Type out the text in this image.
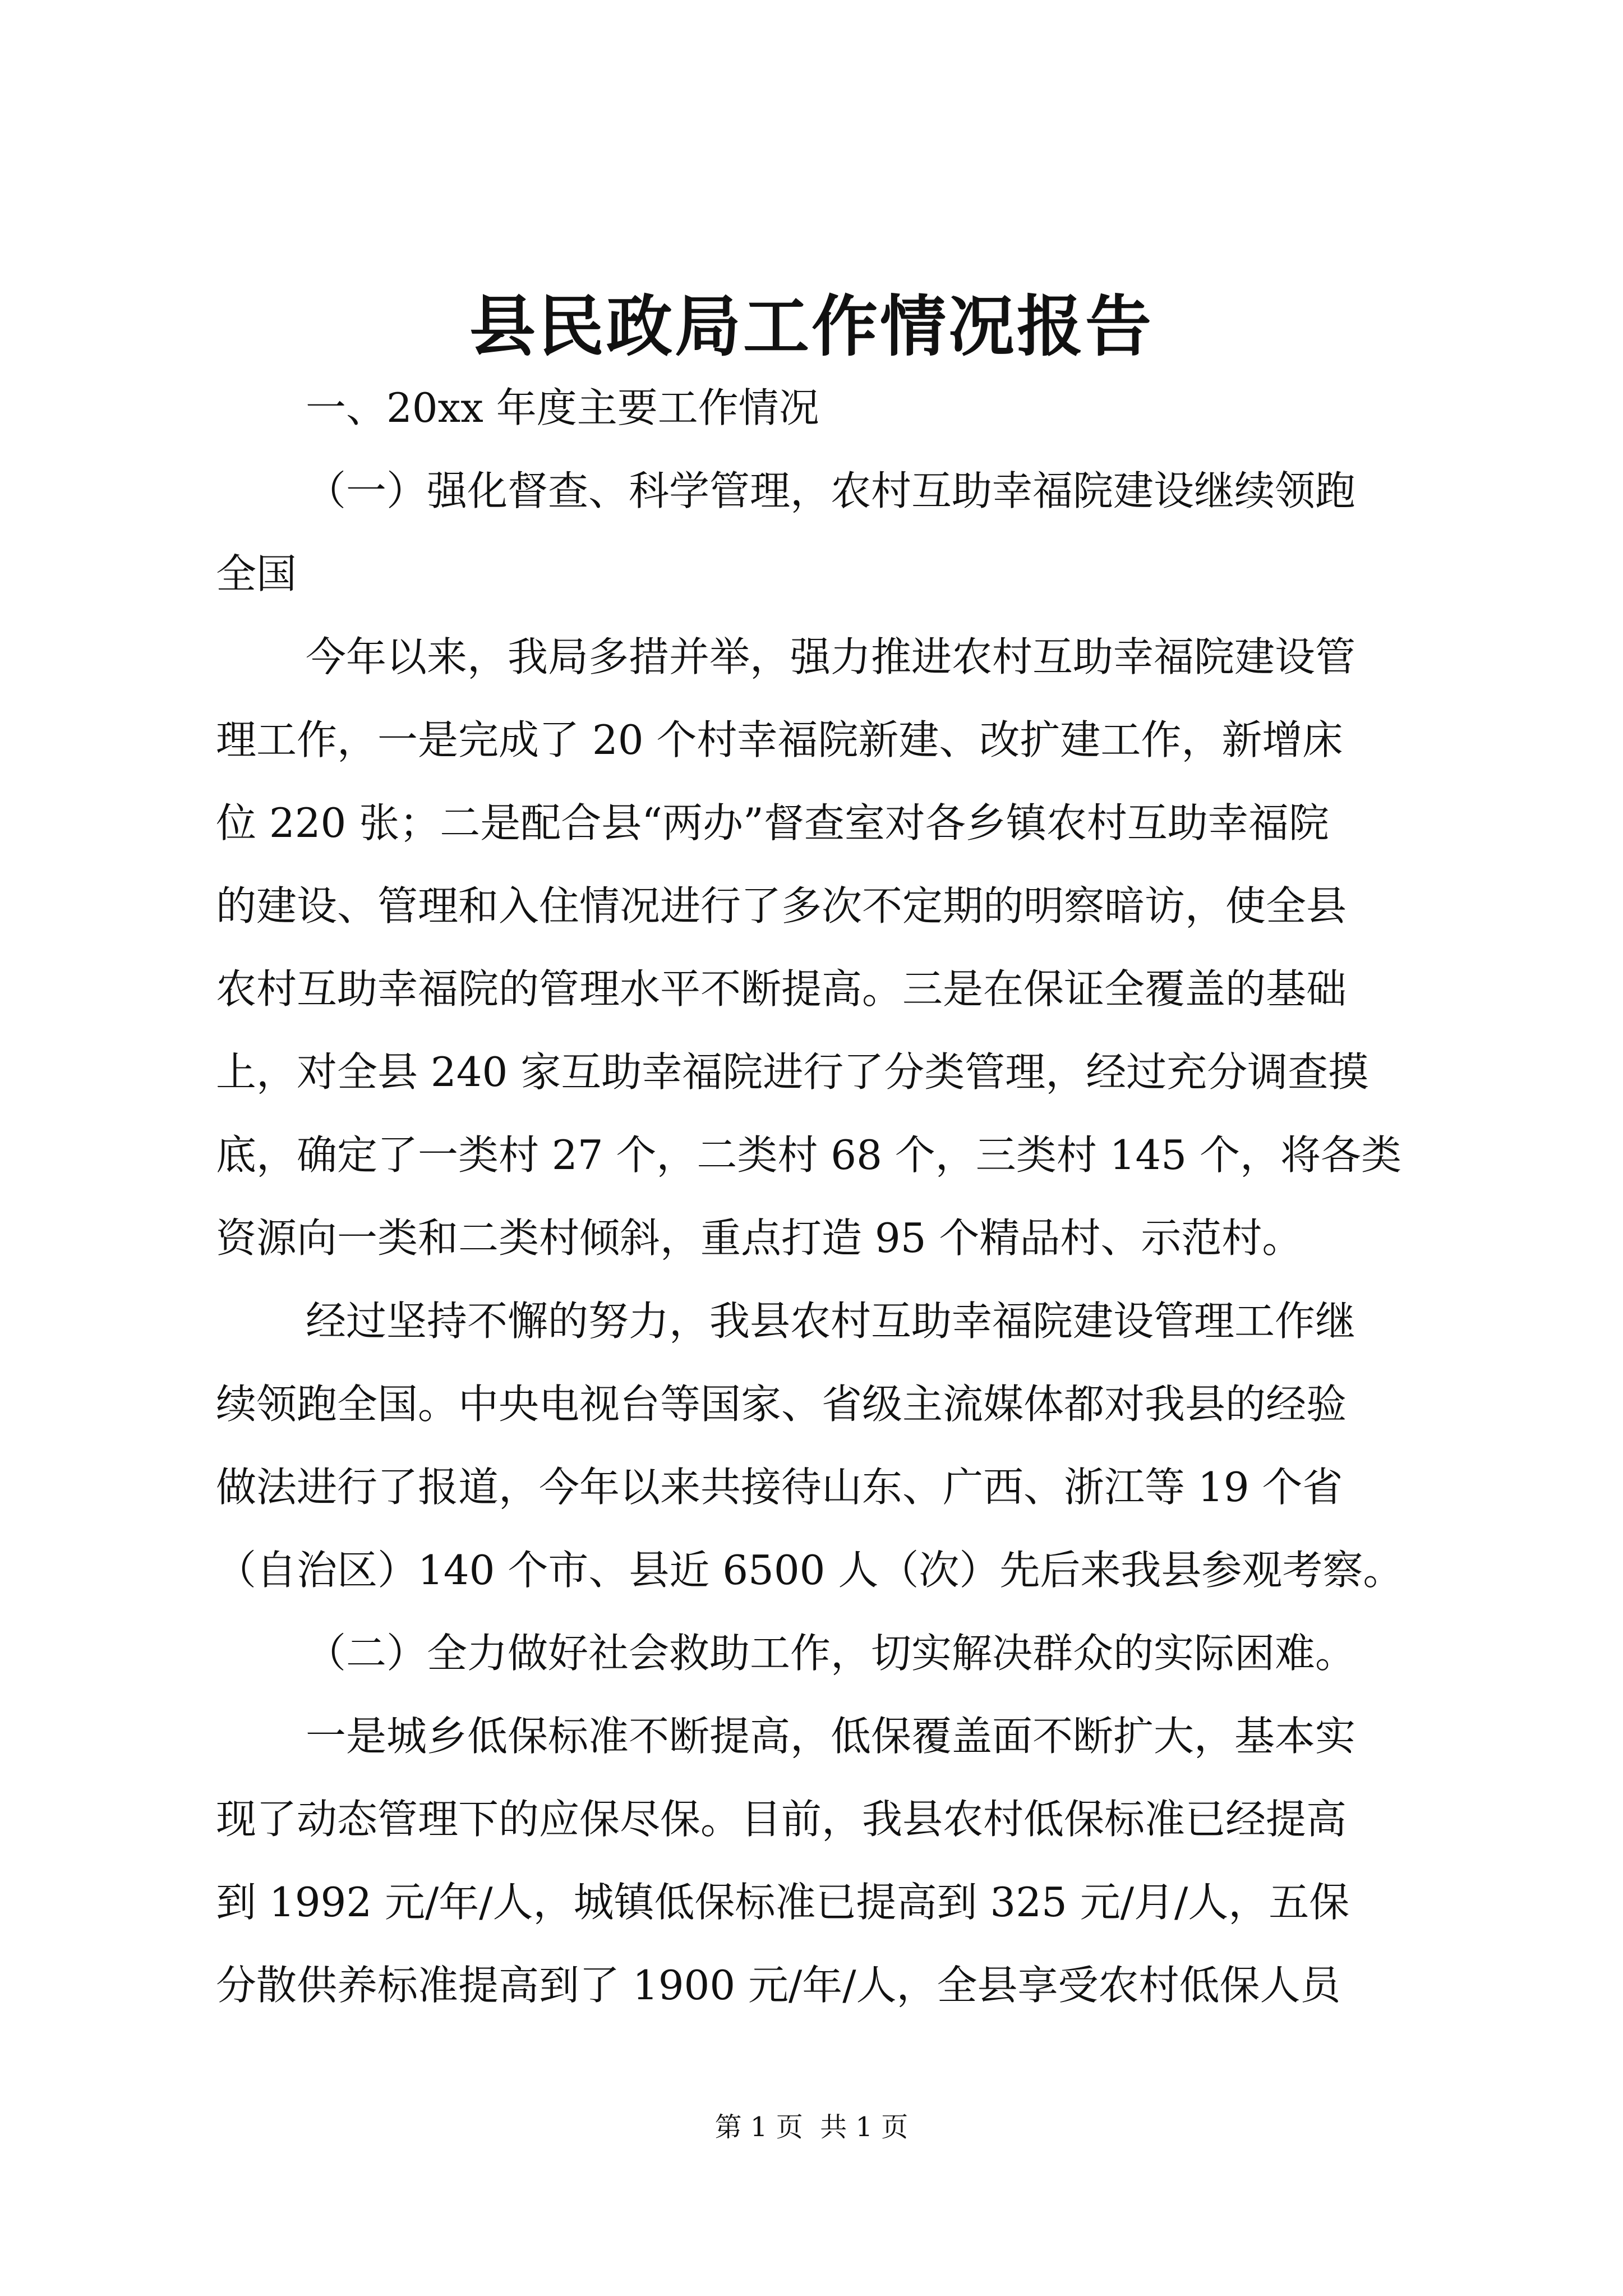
县民政局工作情况报告

一、20xx 年度主要工作情况

（一）强化督查、科学管理，农村互助幸福院建设继续领跑

全国

今年以来，我局多措并举，强力推进农村互助幸福院建设管

理工作，一是完成了 20 个村幸福院新建、改扩建工作，新增床

位 220 张；二是配合县“两办”督查室对各乡镇农村互助幸福院

的建设、管理和入住情况进行了多次不定期的明察暗访，使全县

农村互助幸福院的管理水平不断提高。三是在保证全覆盖的基础

上，对全县 240 家互助幸福院进行了分类管理，经过充分调查摸

底，确定了一类村 27 个，二类村 68 个，三类村 145 个，将各类

资源向一类和二类村倾斜，重点打造 95 个精品村、示范村。

经过坚持不懈的努力，我县农村互助幸福院建设管理工作继

续领跑全国。中央电视台等国家、省级主流媒体都对我县的经验

做法进行了报道，今年以来共接待山东、广西、浙江等 19 个省

（自治区）140 个市、县近 6500 人（次）先后来我县参观考察。

（二）全力做好社会救助工作，切实解决群众的实际困难。

一是城乡低保标准不断提高，低保覆盖面不断扩大，基本实

现了动态管理下的应保尽保。目前，我县农村低保标准已经提高

到 1992 元/年/人，城镇低保标准已提高到 325 元/月/人，五保

分散供养标准提高到了 1900 元/年/人，全县享受农村低保人员

第 1 页  共 1 页
